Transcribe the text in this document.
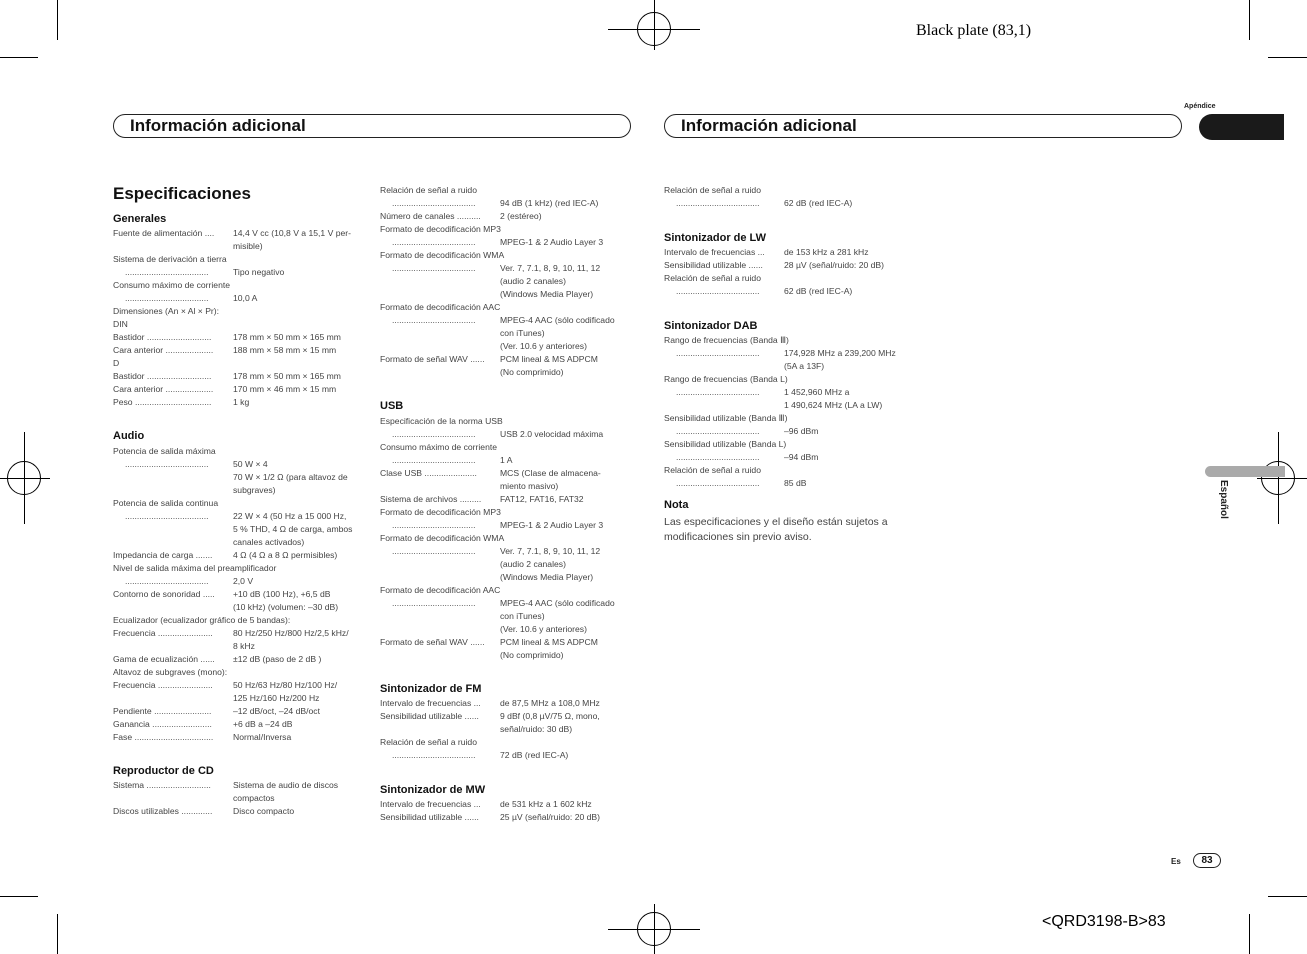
Black plate (83,1)
<QRD3198-B>83
Apéndice
Información adicional	Información adicional
Español
Especificaciones
Generales
Fuente de alimentación .... 14,4 V cc (10,8 V a 15,1 V per-
misible)
Sistema de derivación a tierra
...................................	Tipo negativo
Consumo máximo de corriente
...................................	10,0 A
Dimensiones (An × Al × Pr):
DIN
Bastidor ...........................	178 mm × 50 mm × 165 mm
Cara anterior .................... 188 mm × 58 mm × 15 mm
D
Bastidor ...........................	178 mm × 50 mm × 165 mm
Cara anterior .................... 170 mm × 46 mm × 15 mm
Peso ................................	1 kg
Audio
Potencia de salida máxima
...................................	50 W × 4
70 W × 1/2 Ω (para altavoz de
subgraves)
Potencia de salida continua
...................................	22 W × 4 (50 Hz a 15 000 Hz,
5 % THD, 4 Ω de carga, ambos
canales activados)
Impedancia de carga ....... 4 Ω (4 Ω a 8 Ω permisibles)
Nivel de salida máxima del preamplificador
...................................	2,0 V
Contorno de sonoridad ..... +10 dB (100 Hz), +6,5 dB
(10 kHz) (volumen: –30 dB)
Ecualizador (ecualizador gráfico de 5 bandas):
Frecuencia ....................... 80 Hz/250 Hz/800 Hz/2,5 kHz/
8 kHz
Gama de ecualización ...... ±12 dB (paso de 2 dB )
Altavoz de subgraves (mono):
Frecuencia ....................... 50 Hz/63 Hz/80 Hz/100 Hz/
125 Hz/160 Hz/200 Hz
Pendiente ........................	–12 dB/oct, –24 dB/oct
Ganancia ......................... +6 dB a –24 dB
Fase ................................. Normal/Inversa
Reproductor de CD
Sistema ...........................	Sistema de audio de discos
compactos
Discos utilizables ............. Disco compacto
Relación de señal a ruido
...................................	94 dB (1 kHz) (red IEC-A)
Número de canales .......... 2 (estéreo)
Formato de decodificación MP3
...................................	MPEG-1 & 2 Audio Layer 3
Formato de decodificación WMA
...................................	Ver. 7, 7.1, 8, 9, 10, 11, 12
(audio 2 canales)
(Windows Media Player)
Formato de decodificación AAC
...................................	MPEG-4 AAC (sólo codificado
con iTunes)
(Ver. 10.6 y anteriores)
Formato de señal WAV ...... PCM lineal & MS ADPCM
(No comprimido)
USB
Especificación de la norma USB
...................................	USB 2.0 velocidad máxima
Consumo máximo de corriente
...................................	1 A
Clase USB ......................	MCS (Clase de almacena-
miento masivo)
Sistema de archivos ......... FAT12, FAT16, FAT32
Formato de decodificación MP3
...................................	MPEG-1 & 2 Audio Layer 3
Formato de decodificación WMA
...................................	Ver. 7, 7.1, 8, 9, 10, 11, 12
(audio 2 canales)
(Windows Media Player)
Formato de decodificación AAC
...................................	MPEG-4 AAC (sólo codificado
con iTunes)
(Ver. 10.6 y anteriores)
Formato de señal WAV ...... PCM lineal & MS ADPCM
(No comprimido)
Sintonizador de FM
Intervalo de frecuencias ... de 87,5 MHz a 108,0 MHz
Sensibilidad utilizable ...... 9 dBf (0,8 µV/75 Ω, mono,
señal/ruido: 30 dB)
Relación de señal a ruido
...................................	72 dB (red IEC-A)
Sintonizador de MW
Intervalo de frecuencias ... de 531 kHz a 1 602 kHz
Sensibilidad utilizable ...... 25 µV (señal/ruido: 20 dB)
Relación de señal a ruido
...................................	62 dB (red IEC-A)
Sintonizador de LW
Intervalo de frecuencias ... de 153 kHz a 281 kHz
Sensibilidad utilizable ...... 28 µV (señal/ruido: 20 dB)
Relación de señal a ruido
...................................	62 dB (red IEC-A)
Sintonizador DAB
Rango de frecuencias (Banda Ⅲ)
...................................	174,928 MHz a 239,200 MHz
(5A a 13F)
Rango de frecuencias (Banda L)
...................................	1 452,960 MHz a
1 490,624 MHz (LA a LW)
Sensibilidad utilizable (Banda Ⅲ)
...................................	–96 dBm
Sensibilidad utilizable (Banda L)
...................................	–94 dBm
Relación de señal a ruido
...................................	85 dB
Nota
Las especificaciones y el diseño están sujetos a
modificaciones sin previo aviso.
Es	83
